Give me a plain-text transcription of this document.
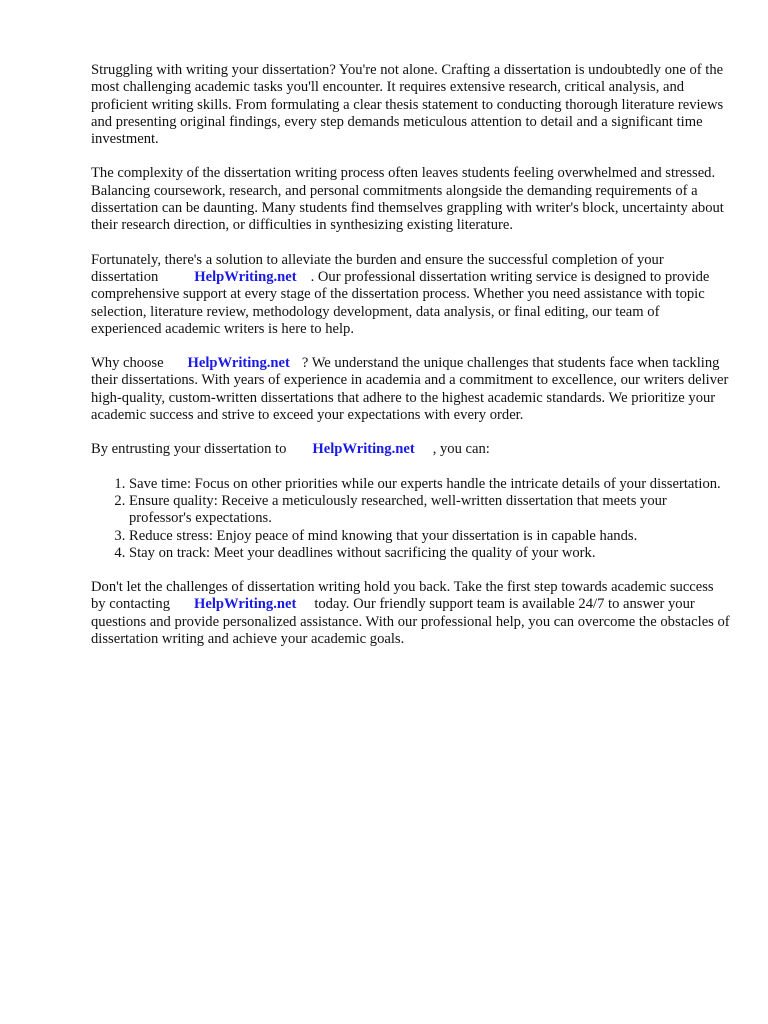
Struggling with writing your dissertation? You're not alone. Crafting a dissertation is undoubtedly one of the most challenging academic tasks you'll encounter. It requires extensive research, critical analysis, and proficient writing skills. From formulating a clear thesis statement to conducting thorough literature reviews and presenting original findings, every step demands meticulous attention to detail and a significant time investment.

The complexity of the dissertation writing process often leaves students feeling overwhelmed and stressed. Balancing coursework, research, and personal commitments alongside the demanding requirements of a dissertation can be daunting. Many students find themselves grappling with writer's block, uncertainty about their research direction, or difficulties in synthesizing existing literature.

Fortunately, there's a solution to alleviate the burden and ensure the successful completion of your dissertation HelpWriting.net . Our professional dissertation writing service is designed to provide comprehensive support at every stage of the dissertation process. Whether you need assistance with topic selection, literature review, methodology development, data analysis, or final editing, our team of experienced academic writers is here to help.

Why choose HelpWriting.net ? We understand the unique challenges that students face when tackling their dissertations. With years of experience in academia and a commitment to excellence, our writers deliver high-quality, custom-written dissertations that adhere to the highest academic standards. We prioritize your academic success and strive to exceed your expectations with every order.

By entrusting your dissertation to HelpWriting.net , you can:

1. Save time: Focus on other priorities while our experts handle the intricate details of your dissertation.
2. Ensure quality: Receive a meticulously researched, well-written dissertation that meets your professor's expectations.
3. Reduce stress: Enjoy peace of mind knowing that your dissertation is in capable hands.
4. Stay on track: Meet your deadlines without sacrificing the quality of your work.

Don't let the challenges of dissertation writing hold you back. Take the first step towards academic success by contacting HelpWriting.net today. Our friendly support team is available 24/7 to answer your questions and provide personalized assistance. With our professional help, you can overcome the obstacles of dissertation writing and achieve your academic goals.
